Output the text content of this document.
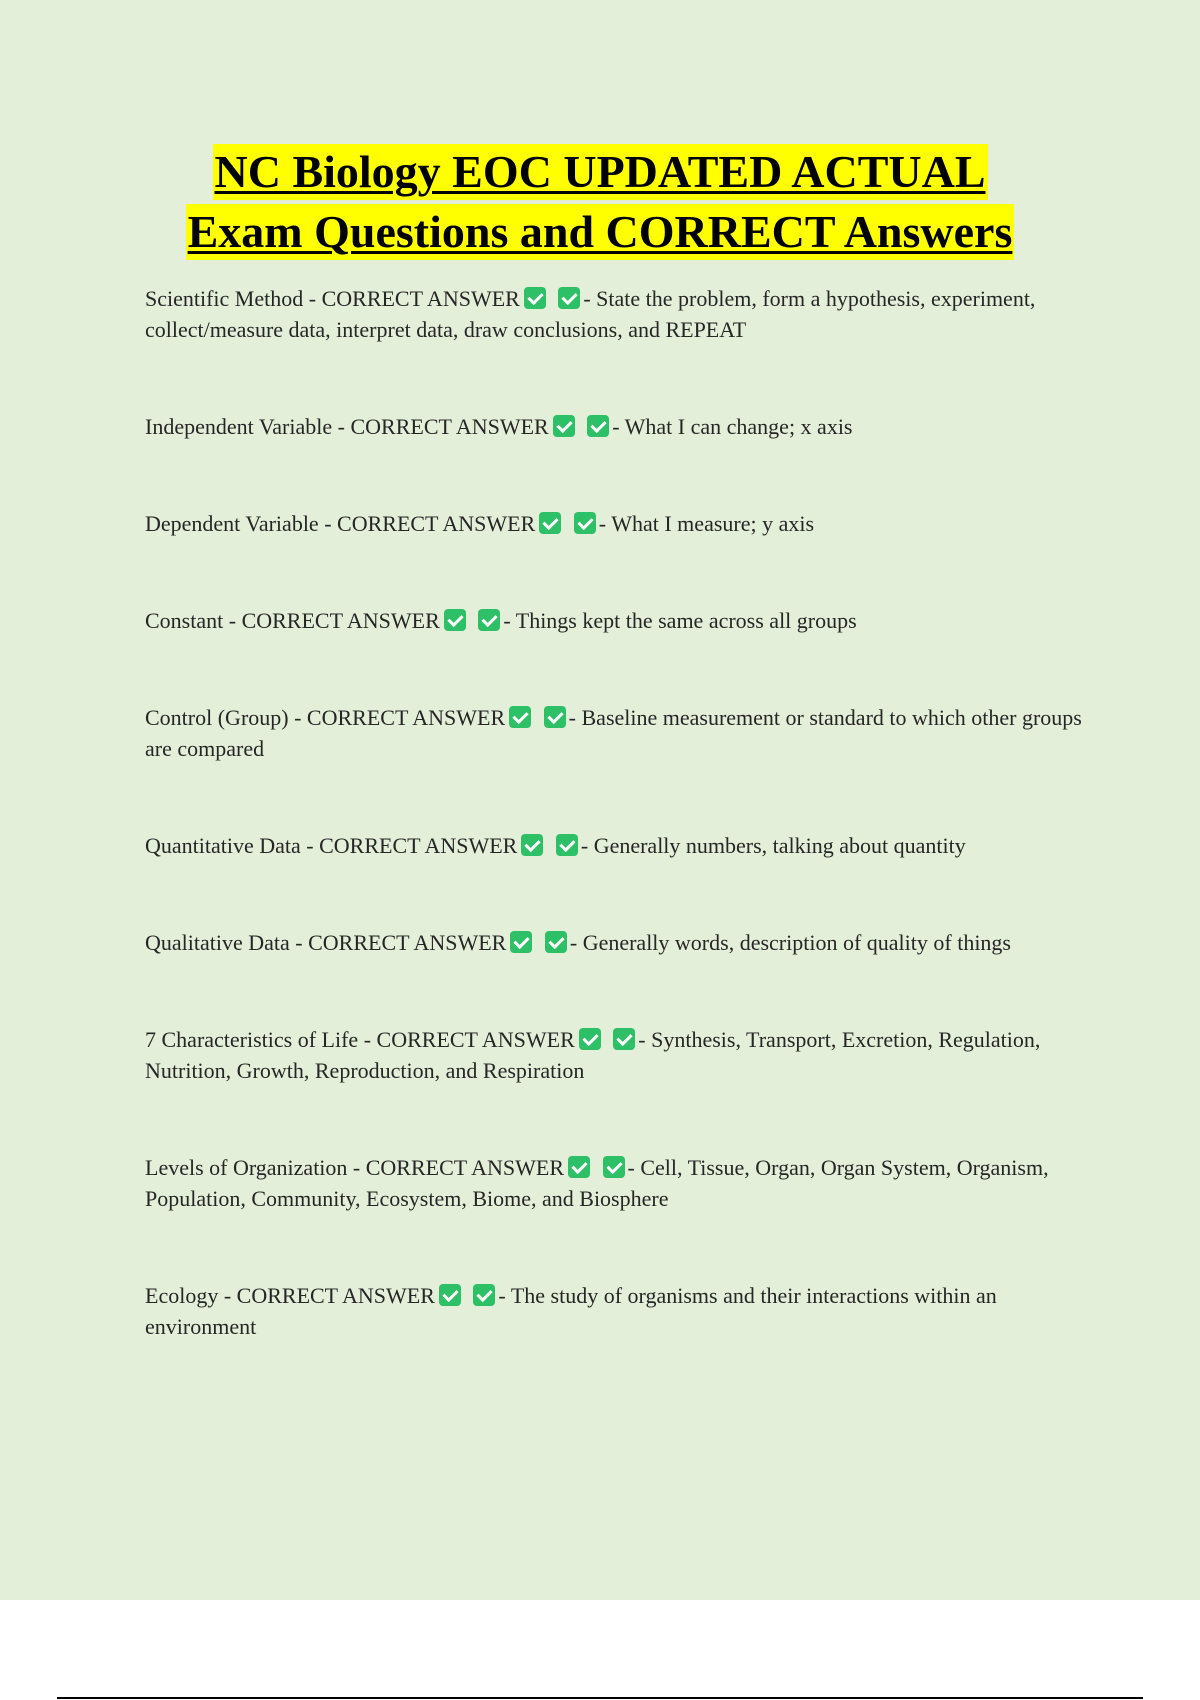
NC Biology EOC UPDATED ACTUAL
Exam Questions and CORRECT Answers
Scientific Method - CORRECT ANSWER	- State the problem, form a hypothesis, experiment, collect/measure data, interpret data, draw conclusions, and REPEAT
Independent Variable - CORRECT ANSWER	- What I can change; x axis
Dependent Variable - CORRECT ANSWER	- What I measure; y axis
Constant - CORRECT ANSWER	- Things kept the same across all groups
Control (Group) - CORRECT ANSWER	- Baseline measurement or standard to which other groups are compared
Quantitative Data - CORRECT ANSWER	- Generally numbers, talking about quantity
Qualitative Data - CORRECT ANSWER	- Generally words, description of quality of things
7 Characteristics of Life - CORRECT ANSWER	- Synthesis, Transport, Excretion, Regulation, Nutrition, Growth, Reproduction, and Respiration
Levels of Organization - CORRECT ANSWER	- Cell, Tissue, Organ, Organ System, Organism, Population, Community, Ecosystem, Biome, and Biosphere
Ecology - CORRECT ANSWER	- The study of organisms and their interactions within an environment
